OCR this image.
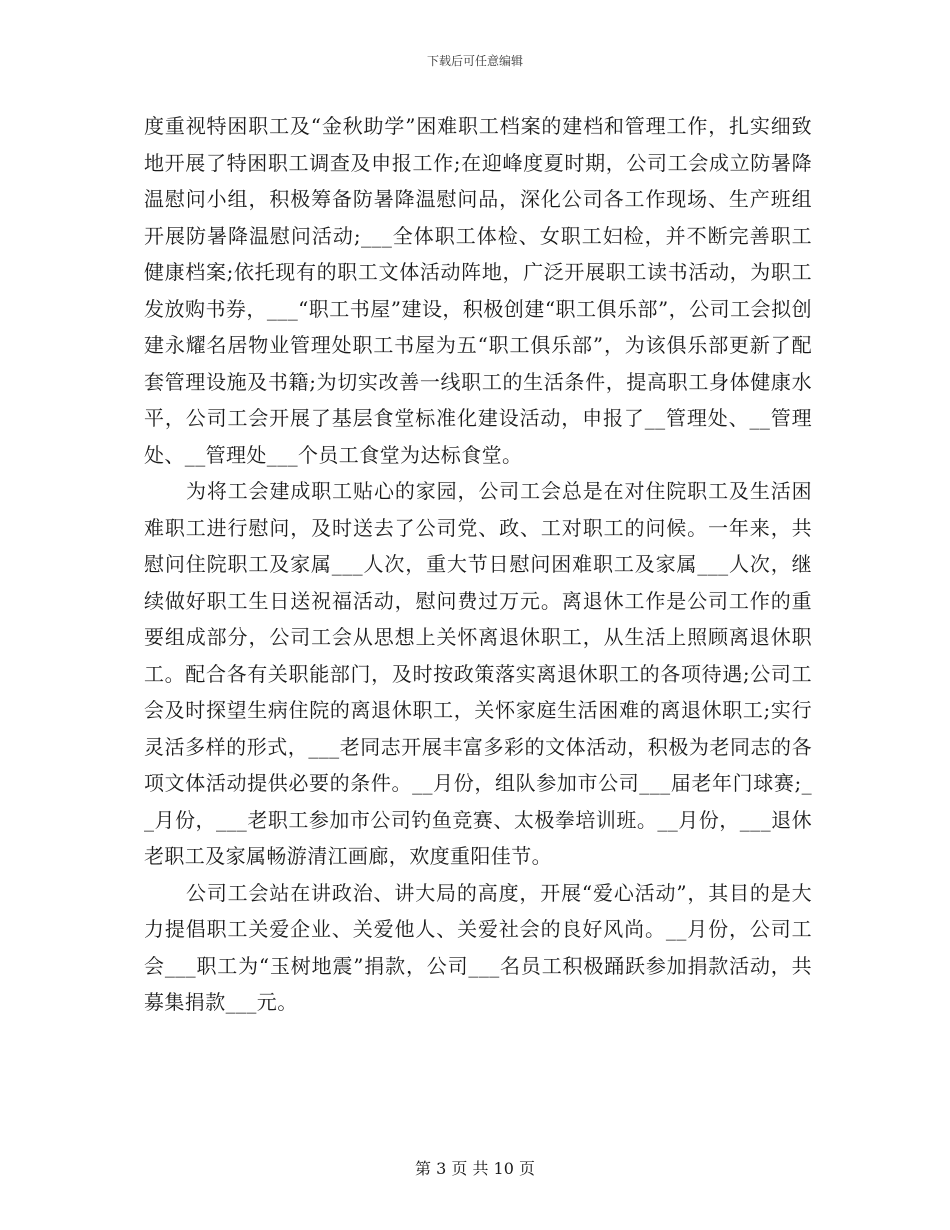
下载后可任意编辑

度重视特困职工及“金秋助学”困难职工档案的建档和管理工作，扎实细致地开展了特困职工调查及申报工作;在迎峰度夏时期，公司工会成立防暑降温慰问小组，积极筹备防暑降温慰问品，深化公司各工作现场、生产班组开展防暑降温慰问活动;___全体职工体检、女职工妇检，并不断完善职工健康档案;依托现有的职工文体活动阵地，广泛开展职工读书活动，为职工发放购书券，___“职工书屋”建设，积极创建“职工俱乐部”，公司工会拟创建永耀名居物业管理处职工书屋为五“职工俱乐部”，为该俱乐部更新了配套管理设施及书籍;为切实改善一线职工的生活条件，提高职工身体健康水平，公司工会开展了基层食堂标准化建设活动，申报了__管理处、__管理处、__管理处___个员工食堂为达标食堂。

为将工会建成职工贴心的家园，公司工会总是在对住院职工及生活困难职工进行慰问，及时送去了公司党、政、工对职工的问候。一年来，共慰问住院职工及家属___人次，重大节日慰问困难职工及家属___人次，继续做好职工生日送祝福活动，慰问费过万元。离退休工作是公司工作的重要组成部分，公司工会从思想上关怀离退休职工，从生活上照顾离退休职工。配合各有关职能部门，及时按政策落实离退休职工的各项待遇;公司工会及时探望生病住院的离退休职工，关怀家庭生活困难的离退休职工;实行灵活多样的形式，___老同志开展丰富多彩的文体活动，积极为老同志的各项文体活动提供必要的条件。__月份，组队参加市公司___届老年门球赛;__月份，___老职工参加市公司钓鱼竞赛、太极拳培训班。__月份，___退休老职工及家属畅游清江画廊，欢度重阳佳节。

公司工会站在讲政治、讲大局的高度，开展“爱心活动”，其目的是大力提倡职工关爱企业、关爱他人、关爱社会的良好风尚。__月份，公司工会___职工为“玉树地震”捐款，公司___名员工积极踊跃参加捐款活动，共募集捐款___元。

第 3 页 共 10 页
